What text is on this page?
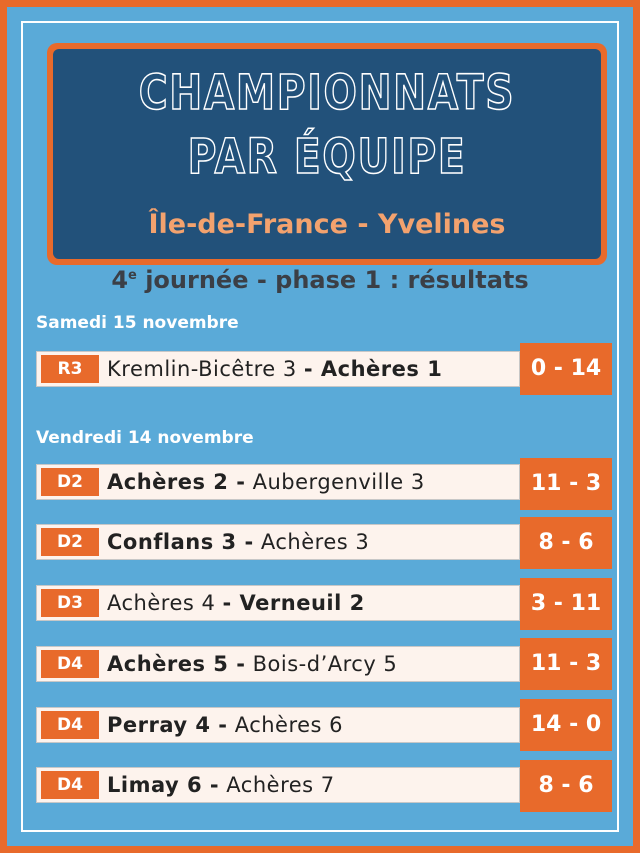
CHAMPIONNATS
PAR ÉQUIPE
Île-de-France - Yvelines
4e journée - phase 1 : résultats
Samedi 15 novembre
Vendredi 14 novembre
R3	Kremlin-Bicêtre 3 - Achères 1	0 - 14
D2	Achères 2 - Aubergenville 3	11 - 3
D2	Conflans 3 - Achères 3	8 - 6
D3	Achères 4 - Verneuil 2	3 - 11
D4	Achères 5 - Bois-d’Arcy 5	11 - 3
D4	Perray 4 - Achères 6	14 - 0
D4	Limay 6 - Achères 7	8 - 6
